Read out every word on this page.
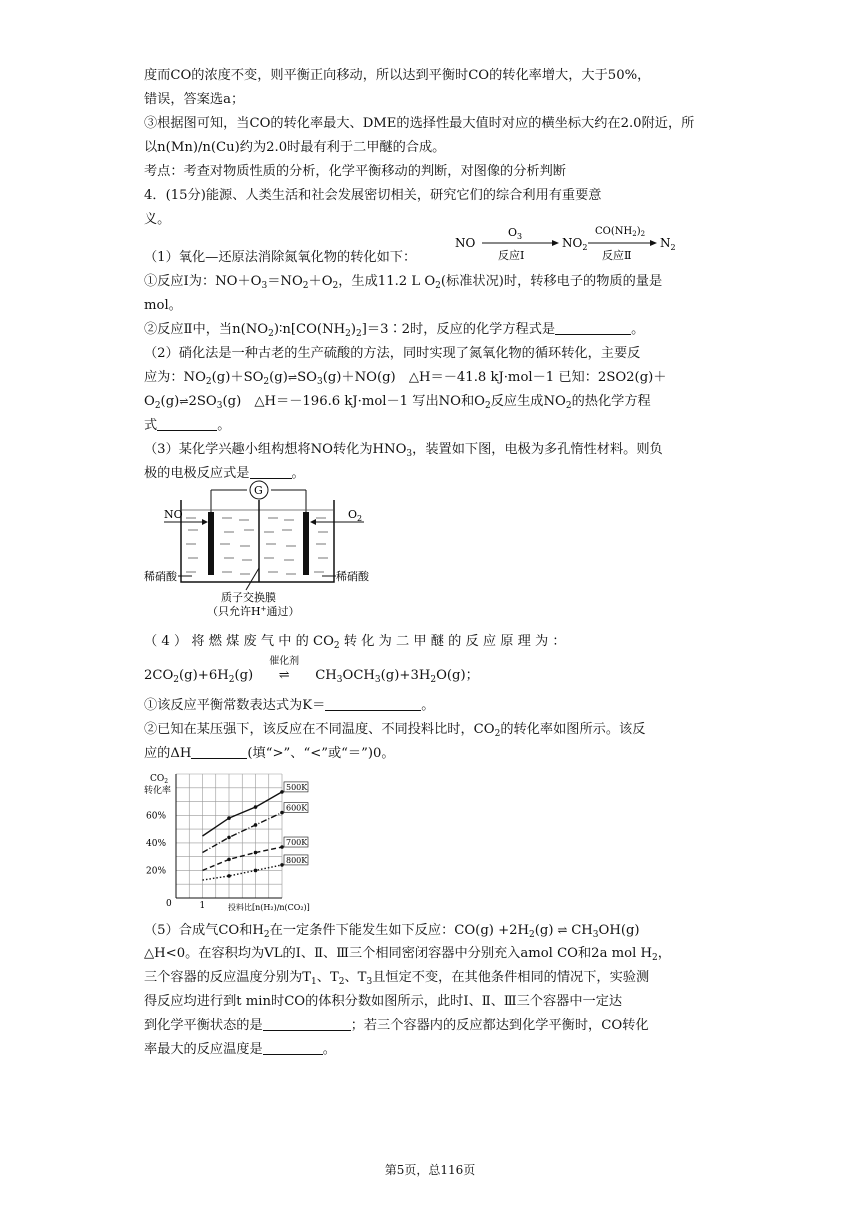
度而CO的浓度不变，则平衡正向移动，所以达到平衡时CO的转化率增大，大于50%，
错误，答案选a；
③根据图可知，当CO的转化率最大、DME的选择性最大值时对应的横坐标大约在2.0附近，所
以n(Mn)/n(Cu)约为2.0时最有利于二甲醚的合成。
考点：考查对物质性质的分析，化学平衡移动的判断，对图像的分析判断
4．(15分)能源、人类生活和社会发展密切相关，研究它们的综合利用有重要意
义。
（1）氧化—还原法消除氮氧化物的转化如下：
NO
$O_3$
反应Ⅰ
$NO_2$
$CO(NH_2)_2$
反应Ⅱ
$N_2$
①反应Ⅰ为：$NO+O_3=NO_2+O_2$，生成11.2 L $O_2$(标准状况)时，转移电子的物质的量是
mol。
②反应Ⅱ中，当$n(NO_2)∶n[CO(NH_2)_2]=3∶2$时，反应的化学方程式是	。
（2）硝化法是一种古老的生产硫酸的方法，同时实现了氮氧化物的循环转化，主要反
应为：$NO_2(g)+SO_2(g)\rightleftharpoons SO_3(g)+NO(g)$　△H＝－41.8 kJ·mol－1 已知：2SO2(g)＋
$O_2(g)\rightleftharpoons 2SO_3(g)$　△H＝－196.6 kJ·mol－1 写出NO和$O_2$反应生成$NO_2$的热化学方程
式	。
（3）某化学兴趣小组构想将NO转化为$HNO_3$，装置如下图，电极为多孔惰性材料。则负
极的电极反应式是	。
G
NO	$O_2$
稀硝酸	稀硝酸
质子交换膜
（只允许H+通过）
（ 4 ） 将 燃 煤 废 气 中 的 $CO_2$ 转 化 为 二 甲 醚 的 反 应 原 理 为 ：
$2CO_2(g)+6H_2(g)$
催化剂
⇌ $CH_3OCH_3(g)+3H_2O(g)$；
①该反应平衡常数表达式为K＝	。
②已知在某压强下，该反应在不同温度、不同投料比时，$CO_2$的转化率如图所示。该反
应的ΔH	(填“>”、“<”或“＝”)0。
$CO_2$
转化率
20%
40%
60%
1
500K
600K
700K
800K
0	投料比[n(H₂)/n(CO₂)]
（5）合成气CO和$H_2$在一定条件下能发生如下反应：$CO(g) +2H_2(g)$ ⇌ $CH_3OH(g)$
△H<0。在容积均为VL的Ⅰ、Ⅱ、Ⅲ三个相同密闭容器中分别充入amol CO和2a mol $H_2$，
三个容器的反应温度分别为$T_1$、$T_2$、$T_3$且恒定不变，在其他条件相同的情况下，实验测
得反应均进行到t min时CO的体积分数如图所示，此时Ⅰ、Ⅱ、Ⅲ三个容器中一定达
到化学平衡状态的是	；若三个容器内的反应都达到化学平衡时，CO转化
率最大的反应温度是	。
第5页，总116页
